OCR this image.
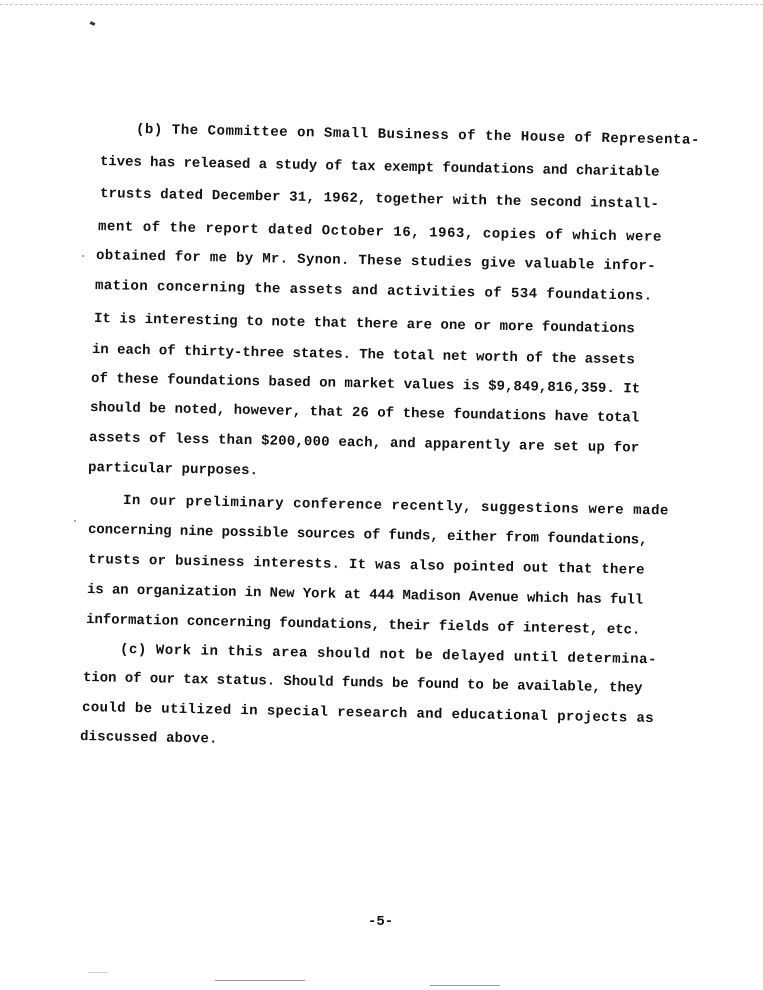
(b) The Committee on Small Business of the House of Representa-
tives has released a study of tax exempt foundations and charitable
trusts dated December 31, 1962, together with the second install-
ment of the report dated October 16, 1963, copies of which were
obtained for me by Mr. Synon. These studies give valuable infor-
mation concerning the assets and activities of 534 foundations.
It is interesting to note that there are one or more foundations
in each of thirty-three states. The total net worth of the assets
of these foundations based on market values is $9,849,816,359. It
should be noted, however, that 26 of these foundations have total
assets of less than $200,000 each, and apparently are set up for
particular purposes.
In our preliminary conference recently, suggestions were made
concerning nine possible sources of funds, either from foundations,
trusts or business interests. It was also pointed out that there
is an organization in New York at 444 Madison Avenue which has full
information concerning foundations, their fields of interest, etc.
(c) Work in this area should not be delayed until determina-
tion of our tax status. Should funds be found to be available, they
could be utilized in special research and educational projects as
discussed above.
-5-
